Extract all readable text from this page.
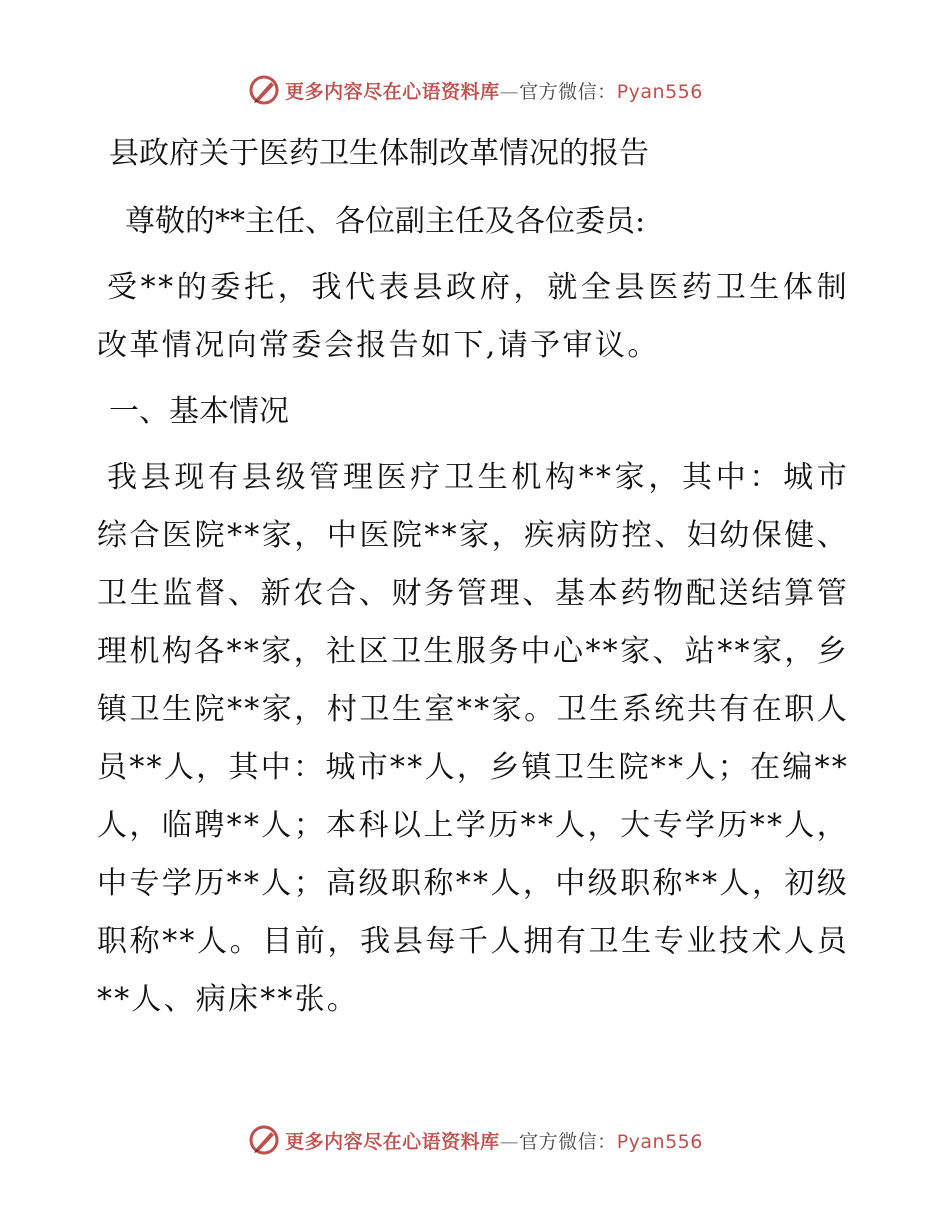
更多内容尽在心语资料库—官方微信：Pyan556

县政府关于医药卫生体制改革情况的报告

尊敬的**主任、各位副主任及各位委员:

受**的委托，我代表县政府，就全县医药卫生体制改革情况向常委会报告如下,请予审议。

一、基本情况

我县现有县级管理医疗卫生机构**家，其中：城市综合医院**家，中医院**家，疾病防控、妇幼保健、卫生监督、新农合、财务管理、基本药物配送结算管理机构各**家，社区卫生服务中心**家、站**家，乡镇卫生院**家，村卫生室**家。卫生系统共有在职人员**人，其中：城市**人，乡镇卫生院**人；在编**人，临聘**人；本科以上学历**人，大专学历**人，中专学历**人；高级职称**人，中级职称**人，初级职称**人。目前，我县每千人拥有卫生专业技术人员**人、病床**张。

更多内容尽在心语资料库—官方微信：Pyan556
